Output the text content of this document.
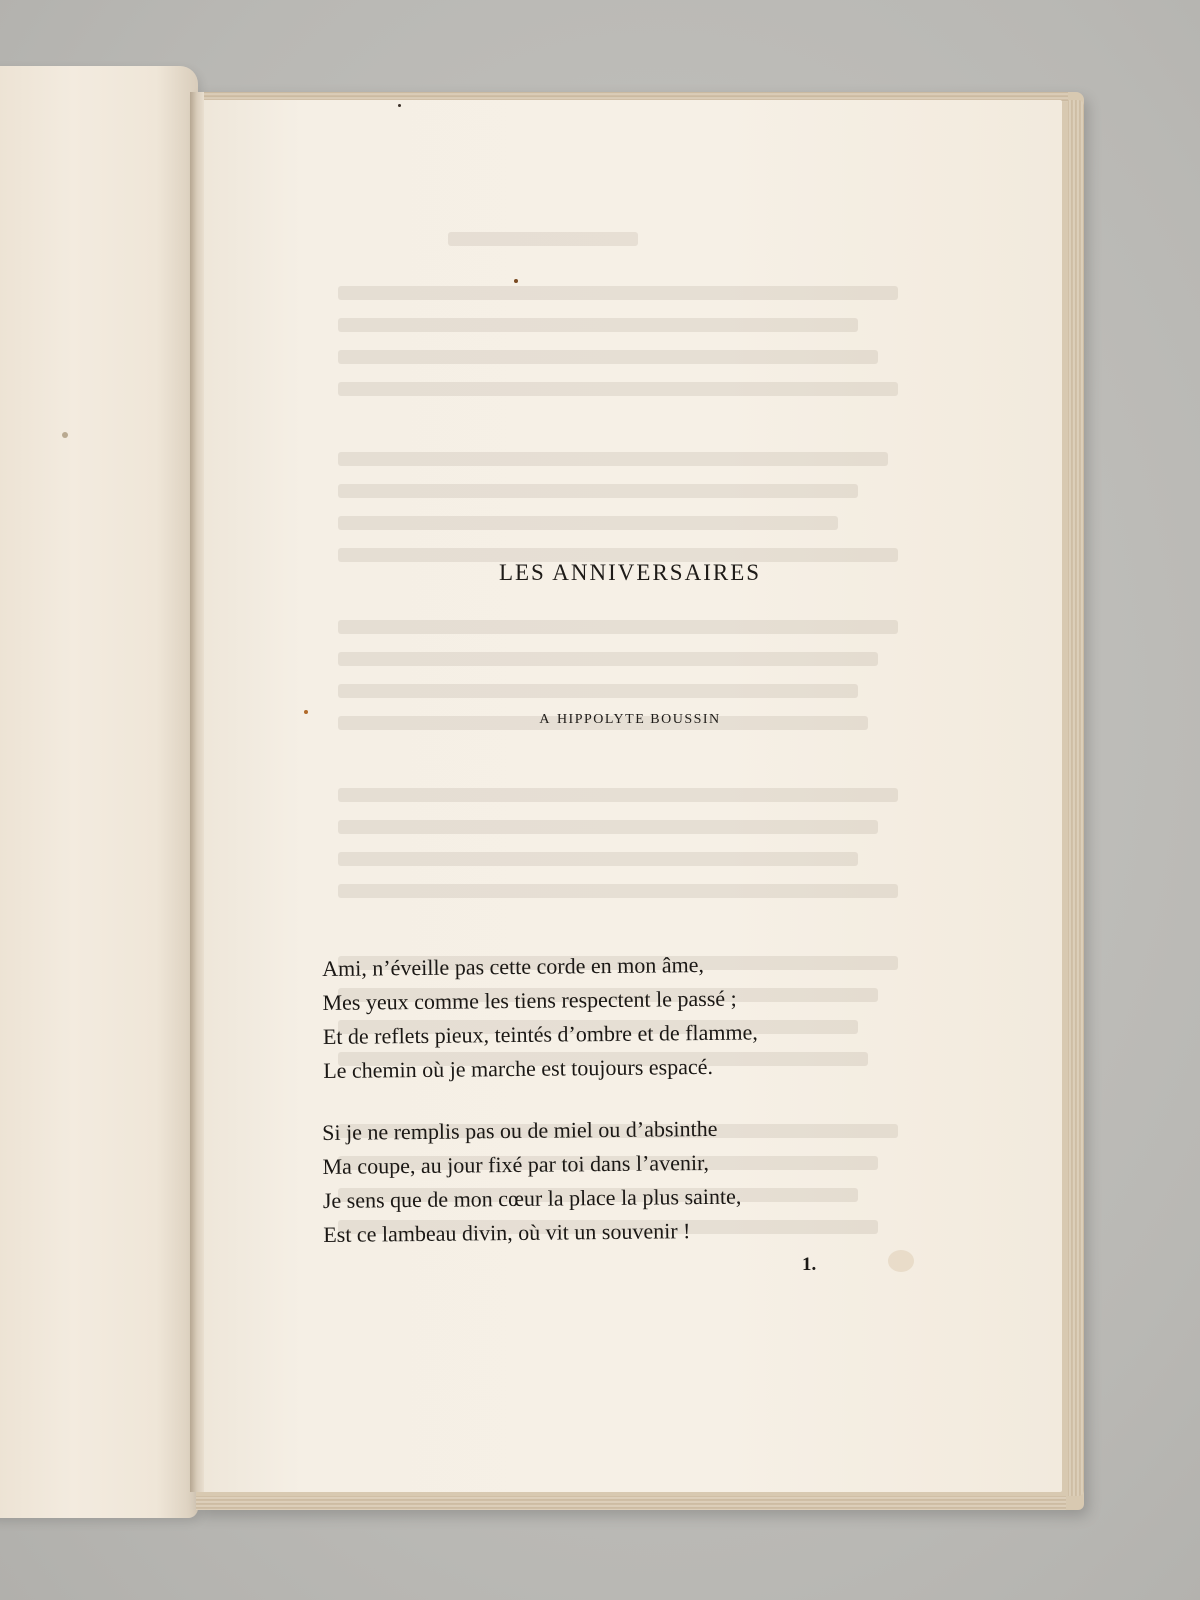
LES ANNIVERSAIRES
A HIPPOLYTE BOUSSIN
Ami, n’éveille pas cette corde en mon âme,
Mes yeux comme les tiens respectent le passé ;
Et de reflets pieux, teintés d’ombre et de flamme,
Le chemin où je marche est toujours espacé.
Si je ne remplis pas ou de miel ou d’absinthe
Ma coupe, au jour fixé par toi dans l’avenir,
Je sens que de mon cœur la place la plus sainte,
Est ce lambeau divin, où vit un souvenir !
1.
